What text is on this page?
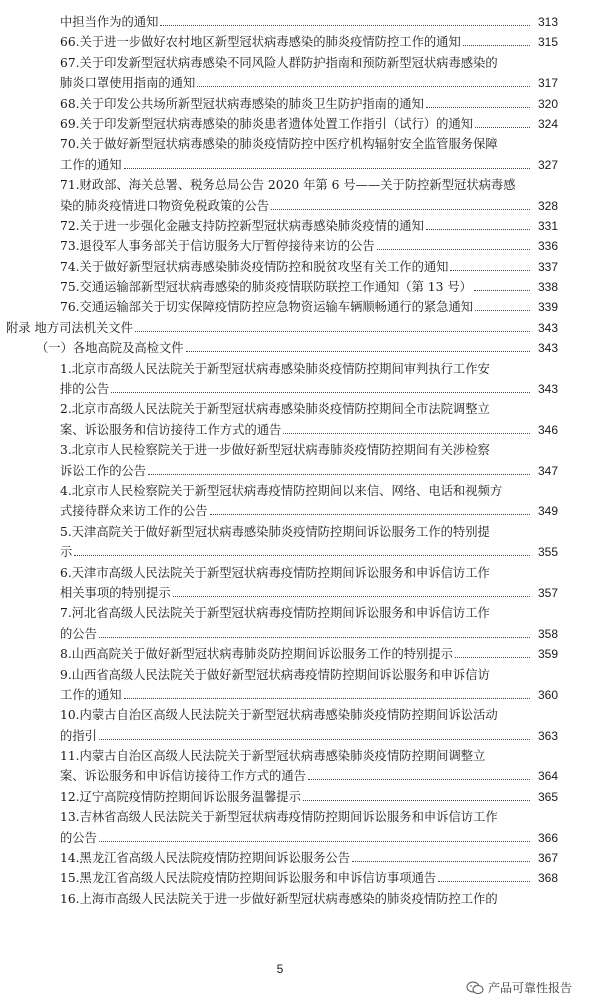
中担当作为的通知	313
66.关于进一步做好农村地区新型冠状病毒感染的肺炎疫情防控工作的通知	315
67.关于印发新型冠状病毒感染不同风险人群防护指南和预防新型冠状病毒感染的
肺炎口罩使用指南的通知	317
68.关于印发公共场所新型冠状病毒感染的肺炎卫生防护指南的通知	320
69.关于印发新型冠状病毒感染的肺炎患者遗体处置工作指引（试行）的通知	324
70.关于做好新型冠状病毒感染的肺炎疫情防控中医疗机构辐射安全监管服务保障
工作的通知	327
71.财政部、海关总署、税务总局公告 2020 年第 6 号——关于防控新型冠状病毒感
染的肺炎疫情进口物资免税政策的公告	328
72.关于进一步强化金融支持防控新型冠状病毒感染肺炎疫情的通知	331
73.退役军人事务部关于信访服务大厅暂停接待来访的公告	336
74.关于做好新型冠状病毒感染肺炎疫情防控和脱贫攻坚有关工作的通知	337
75.交通运输部新型冠状病毒感染的肺炎疫情联防联控工作通知（第 13 号）	338
76.交通运输部关于切实保障疫情防控应急物资运输车辆顺畅通行的紧急通知	339
附录 地方司法机关文件	343
（一）各地高院及高检文件	343
1.北京市高级人民法院关于新型冠状病毒感染肺炎疫情防控期间审判执行工作安
排的公告	343
2.北京市高级人民法院关于新型冠状病毒感染肺炎疫情防控期间全市法院调整立
案、诉讼服务和信访接待工作方式的通告	346
3.北京市人民检察院关于进一步做好新型冠状病毒肺炎疫情防控期间有关涉检察
诉讼工作的公告	347
4.北京市人民检察院关于新型冠状病毒疫情防控期间以来信、网络、电话和视频方
式接待群众来访工作的公告	349
5.天津高院关于做好新型冠状病毒感染肺炎疫情防控期间诉讼服务工作的特别提
示	355
6.天津市高级人民法院关于新型冠状病毒疫情防控期间诉讼服务和申诉信访工作
相关事项的特别提示	357
7.河北省高级人民法院关于新型冠状病毒疫情防控期间诉讼服务和申诉信访工作
的公告	358
8.山西高院关于做好新型冠状病毒肺炎防控期间诉讼服务工作的特别提示	359
9.山西省高级人民法院关于做好新型冠状病毒疫情防控期间诉讼服务和申诉信访
工作的通知	360
10.内蒙古自治区高级人民法院关于新型冠状病毒感染肺炎疫情防控期间诉讼活动
的指引	363
11.内蒙古自治区高级人民法院关于新型冠状病毒感染肺炎疫情防控期间调整立
案、诉讼服务和申诉信访接待工作方式的通告	364
12.辽宁高院疫情防控期间诉讼服务温馨提示	365
13.吉林省高级人民法院关于新型冠状病毒疫情防控期间诉讼服务和申诉信访工作
的公告	366
14.黑龙江省高级人民法院疫情防控期间诉讼服务公告	367
15.黑龙江省高级人民法院疫情防控期间诉讼服务和申诉信访事项通告	368
16.上海市高级人民法院关于进一步做好新型冠状病毒感染的肺炎疫情防控工作的
5
产品可靠性报告
